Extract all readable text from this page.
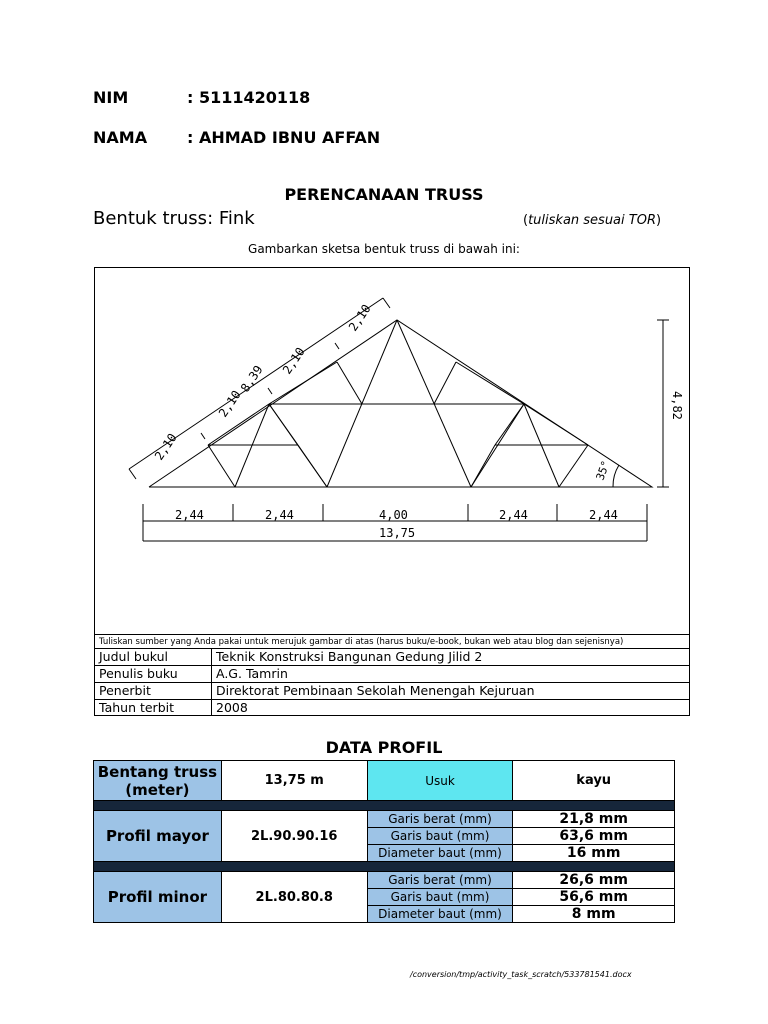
NIM	: 5111420118
NAMA : AHMAD IBNU AFFAN
PERENCANAAN TRUSS
Bentuk truss: Fink	(tuliskan sesuai TOR)
Gambarkan sketsa bentuk truss di bawah ini:
2,10
2,10
2,10
2,10
8,39
4,82
35°
2,44	2,44	4,00	2,44	2,44
13,75
Tuliskan sumber yang Anda pakai untuk merujuk gambar di atas (harus buku/e-book, bukan web atau blog dan sejenisnya)
Judul bukul	Teknik Konstruksi Bangunan Gedung Jilid 2
Penulis buku	A.G. Tamrin
Penerbit	Direktorat Pembinaan Sekolah Menengah Kejuruan
Tahun terbit	2008
DATA PROFIL
Bentang truss (meter)	13,75 m	Usuk	kayu

Profil mayor	2L.90.90.16	Garis berat (mm)	21,8 mm
		Garis baut (mm)	63,6 mm
		Diameter baut (mm)	16 mm

Profil minor	2L.80.80.8	Garis berat (mm)	26,6 mm
		Garis baut (mm)	56,6 mm
		Diameter baut (mm)	8 mm
/conversion/tmp/activity_task_scratch/533781541.docx
